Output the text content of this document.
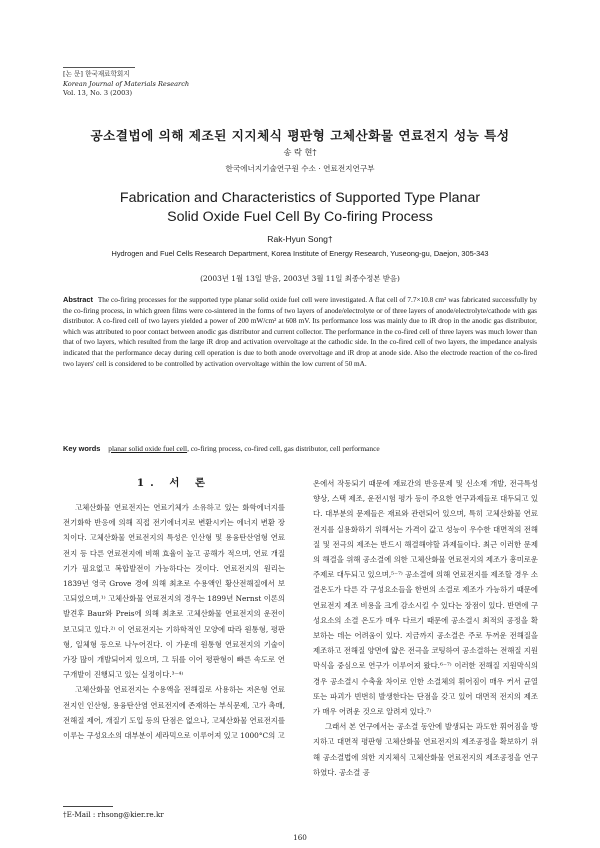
[논 문] 한국재료학회지
Korean Journal of Materials Research
Vol. 13, No. 3 (2003)
공소결법에 의해 제조된 지지체식 평판형 고체산화물 연료전지 성능 특성
송 락 현†
한국에너지기술연구원 수소 · 연료전지연구부
Fabrication and Characteristics of Supported Type Planar
Solid Oxide Fuel Cell By Co-firing Process
Rak-Hyun Song†
Hydrogen and Fuel Cells Research Department, Korea Institute of Energy Research, Yuseong-gu, Daejon, 305-343
(2003년 1월 13일 받음, 2003년 3월 11일 최종수정본 받음)
Abstract The co-firing processes for the supported type planar solid oxide fuel cell were investigated. A flat cell of 7.7×10.8 cm² was fabricated successfully by the co-firing process, in which green films were co-sintered in the forms of two layers of anode/electrolyte or of three layers of anode/electrolyte/cathode with gas distributor. A co-fired cell of two layers yielded a power of 200 mW/cm² at 608 mV. Its performance loss was mainly due to iR drop in the anodic gas distributor, which was attributed to poor contact between anodic gas distributor and current collector. The performance in the co-fired cell of three layers was much lower than that of two layers, which resulted from the large iR drop and activation overvoltage at the cathodic side. In the co-fired cell of two layers, the impedance analysis indicated that the performance decay during cell operation is due to both anode overvoltage and iR drop at anode side. Also the electrode reaction of the co-fired two layers' cell is considered to be controlled by activation overvoltage within the low current of 50 mA.
Key words planar solid oxide fuel cell, co-firing process, co-fired cell, gas distributor, cell performance
1. 서 론

고체산화물 연료전지는 연료기체가 소유하고 있는 화학에너지를 전기화학 반응에 의해 직접 전기에너지로 변환시키는 에너지 변환 장치이다. 고체산화물 연료전지의 특성은 인산형 및 용융탄산염형 연료전지 등 다른 연료전지에 비해 효율이 높고 공해가 적으며, 연료 개질기가 필요없고 복합발전이 가능하다는 것이다. 연료전지의 원리는 1839년 영국 Grove 경에 의해 최초로 수용액인 황산전해질에서 보고되었으며,¹⁾ 고체산화물 연료전지의 경우는 1899년 Nernst 이론의 발견후 Baur와 Preis에 의해 최초로 고체산화물 연료전지의 운전이 보고되고 있다.²⁾ 이 연료전지는 기하학적인 모양에 따라 원통형, 평판형, 일체형 등으로 나누어진다. 이 가운데 원통형 연료전지의 기술이 가장 많이 개발되어져 있으며, 그 뒤를 이어 평판형이 빠른 속도로 연구개발이 진행되고 있는 실정이다.³⁻⁴⁾

고체산화물 연료전지는 수용액을 전해질로 사용하는 저온형 연료전지인 인산형, 용융탄산염 연료전지에 존재하는 부식문제, 고가 촉매, 전해질 제어, 개질기 도입 등의 단점은 없으나, 고체산화물 연료전지를 이루는 구성요소의 대부분이 세라믹으로 이루어져 있고 1000°C의 고

온에서 작동되기 때문에 재료간의 반응문제 및 신소재 개발, 전극특성 향상, 스택 제조, 운전시험 평가 등이 주요한 연구과제들로 대두되고 있다. 대부분의 문제들은 재료와 관련되어 있으며, 특히 고체산화물 연료전지를 실용화하기 위해서는 가격이 값고 성능이 우수한 대면적의 전해질 및 전극의 제조는 반드시 해결해야할 과제들이다. 최근 이러한 문제의 해결을 위해 공소결에 의한 고체산화물 연료전지의 제조가 흥미로운 주제로 대두되고 있으며,⁵⁻⁷⁾ 공소결에 의해 연료전지를 제조할 경우 소결온도가 다른 각 구성요소들을 한번의 소결로 제조가 가능하기 때문에 연료전지 제조 비용을 크게 감소시킬 수 있다는 장점이 있다. 반면에 구성요소의 소결 온도가 매우 다르기 때문에 공소결시 최적의 공정을 확보하는 데는 어려움이 있다. 지금까지 공소결은 주로 두꺼운 전해질을 제조하고 전해질 양면에 얇은 전극을 코팅하여 공소결하는 전해질 지원막식을 중심으로 연구가 이루어져 왔다.⁶⁻⁷⁾ 이러한 전해질 지원막식의 경우 공소결시 수축율 차이로 인한 소결체의 휘어짐이 매우 커서 균열 또는 파괴가 빈번히 발생한다는 단점을 갖고 있어 대면적 전지의 제조가 매우 어려운 것으로 알려져 있다.⁷⁾

그래서 본 연구에서는 공소결 동안에 발생되는 과도한 휘어짐을 방지하고 대면적 평판형 고체산화물 연료전지의 제조공정을 확보하기 위해 공소결법에 의한 지지체식 고체산화물 연료전지의 제조공정을 연구하였다. 공소결 공

†E-Mail : rhsong@kier.re.kr
160
